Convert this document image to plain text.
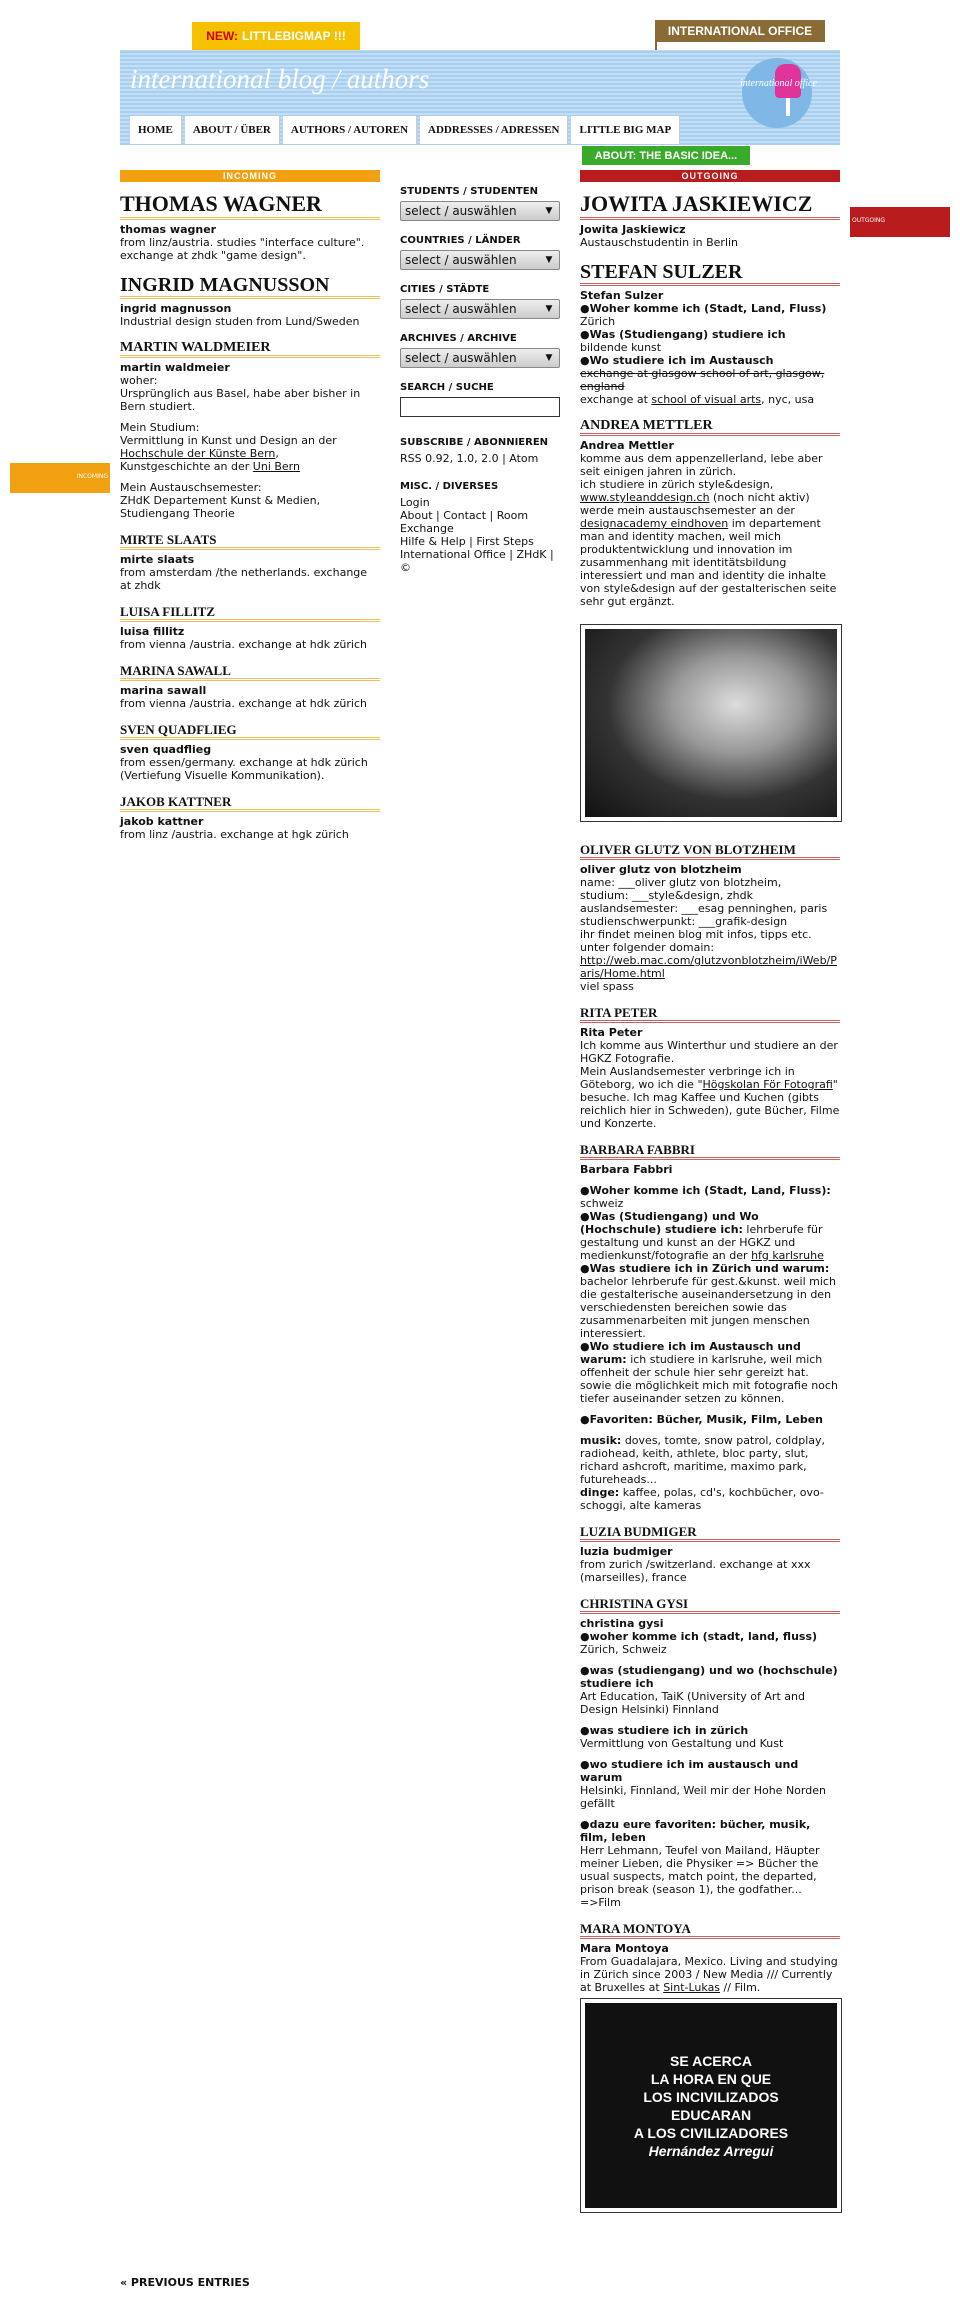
NEW: LITTLEBIGMAP !!!	INTERNATIONAL OFFICE
international blog / authors	international office
HOME	ABOUT / ÜBER	AUTHORS / AUTOREN	ADDRESSES / ADRESSEN	LITTLE BIG MAP
ABOUT: THE BASIC IDEA...
INCOMING	OUTGOING
INCOMING
OUTGOING
THOMAS WAGNER
thomas wagner
from linz/austria. studies "interface culture".
exchange at zhdk "game design".
INGRID MAGNUSSON
ingrid magnusson
Industrial design studen from Lund/Sweden
MARTIN WALDMEIER
martin waldmeier
woher:
Ursprünglich aus Basel, habe aber bisher in Bern studiert.
Mein Studium:
Vermittlung in Kunst und Design an der
Hochschule der Künste Bern,
Kunstgeschichte an der Uni Bern
Mein Austauschsemester:
ZHdK Departement Kunst & Medien, Studiengang Theorie
MIRTE SLAATS
mirte slaats
from amsterdam /the netherlands. exchange at zhdk
LUISA FILLITZ
luisa fillitz
from vienna /austria. exchange at hdk zürich
MARINA SAWALL
marina sawall
from vienna /austria. exchange at hdk zürich
SVEN QUADFLIEG
sven quadflieg
from essen/germany. exchange at hdk zürich (Vertiefung Visuelle Kommunikation).
JAKOB KATTNER
jakob kattner
from linz /austria. exchange at hgk zürich
STUDENTS / STUDENTEN
select / auswählen	▼
COUNTRIES / LÄNDER
select / auswählen	▼
CITIES / STÄDTE
select / auswählen	▼
ARCHIVES / ARCHIVE
select / auswählen	▼
SEARCH / SUCHE
SUBSCRIBE / ABONNIEREN
RSS 0.92, 1.0, 2.0 | Atom
MISC. / DIVERSES
Login
About | Contact | Room Exchange
Hilfe & Help | First Steps
International Office | ZHdK |
©
JOWITA JASKIEWICZ
Jowita Jaskiewicz
Austauschstudentin in Berlin
STEFAN SULZER
Stefan Sulzer
●Woher komme ich (Stadt, Land, Fluss)
Zürich
●Was (Studiengang) studiere ich
bildende kunst
●Wo studiere ich im Austausch
exchange at glasgow school of art, glasgow, england
exchange at school of visual arts, nyc, usa
ANDREA METTLER
Andrea Mettler
komme aus dem appenzellerland, lebe aber seit einigen jahren in zürich.
ich studiere in zürich style&design,
www.styleanddesign.ch (noch nicht aktiv)
werde mein austauschsemester an der
designacademy eindhoven im departement man and identity machen, weil mich produktentwicklung und innovation im zusammenhang mit identitätsbildung interessiert und man and identity die inhalte von style&design auf der gestalterischen seite sehr gut ergänzt.
OLIVER GLUTZ VON BLOTZHEIM
oliver glutz von blotzheim
name: ___oliver glutz von blotzheim,
studium: ___style&design, zhdk
auslandsemester: ___esag penninghen, paris
studienschwerpunkt: ___grafik-design
ihr findet meinen blog mit infos, tipps etc.
unter folgender domain:
http://web.mac.com/glutzvonblotzheim/iWeb/Paris/Home.html
viel spass
RITA PETER
Rita Peter
Ich komme aus Winterthur und studiere an der HGKZ Fotografie.
Mein Auslandsemester verbringe ich in Göteborg, wo ich die "Högskolan För Fotografi" besuche. Ich mag Kaffee und Kuchen (gibts reichlich hier in Schweden), gute Bücher, Filme und Konzerte.
BARBARA FABBRI
Barbara Fabbri
●Woher komme ich (Stadt, Land, Fluss):
schweiz
●Was (Studiengang) und Wo (Hochschule) studiere ich: lehrberufe für gestaltung und kunst an der HGKZ und medienkunst/fotografie an der hfg karlsruhe
●Was studiere ich in Zürich und warum: bachelor lehrberufe für gest.&kunst. weil mich die gestalterische auseinandersetzung in den verschiedensten bereichen sowie das zusammenarbeiten mit jungen menschen interessiert.
●Wo studiere ich im Austausch und warum: ich studiere in karlsruhe, weil mich offenheit der schule hier sehr gereizt hat. sowie die möglichkeit mich mit fotografie noch tiefer auseinander setzen zu können.
●Favoriten: Bücher, Musik, Film, Leben
musik: doves, tomte, snow patrol, coldplay, radiohead, keith, athlete, bloc party, slut, richard ashcroft, maritime, maximo park, futureheads...
dinge: kaffee, polas, cd's, kochbücher, ovo-schoggi, alte kameras
LUZIA BUDMIGER
luzia budmiger
from zurich /switzerland. exchange at xxx (marseilles), france
CHRISTINA GYSI
christina gysi
●woher komme ich (stadt, land, fluss)
Zürich, Schweiz
●was (studiengang) und wo (hochschule) studiere ich
Art Education, TaiK (University of Art and Design Helsinki) Finnland
●was studiere ich in zürich
Vermittlung von Gestaltung und Kust
●wo studiere ich im austausch und warum
Helsinki, Finnland, Weil mir der Hohe Norden gefällt
●dazu eure favoriten: bücher, musik, film, leben
Herr Lehmann, Teufel von Mailand, Häupter meiner Lieben, die Physiker => Bücher the usual suspects, match point, the departed, prison break (season 1), the godfather... =>Film
MARA MONTOYA
Mara Montoya
From Guadalajara, Mexico. Living and studying in Zürich since 2003 / New Media /// Currently at Bruxelles at Sint-Lukas // Film.
SE ACERCA
LA HORA EN QUE
LOS INCIVILIZADOS
EDUCARAN
A LOS CIVILIZADORES
Hernández Arregui
« PREVIOUS ENTRIES
